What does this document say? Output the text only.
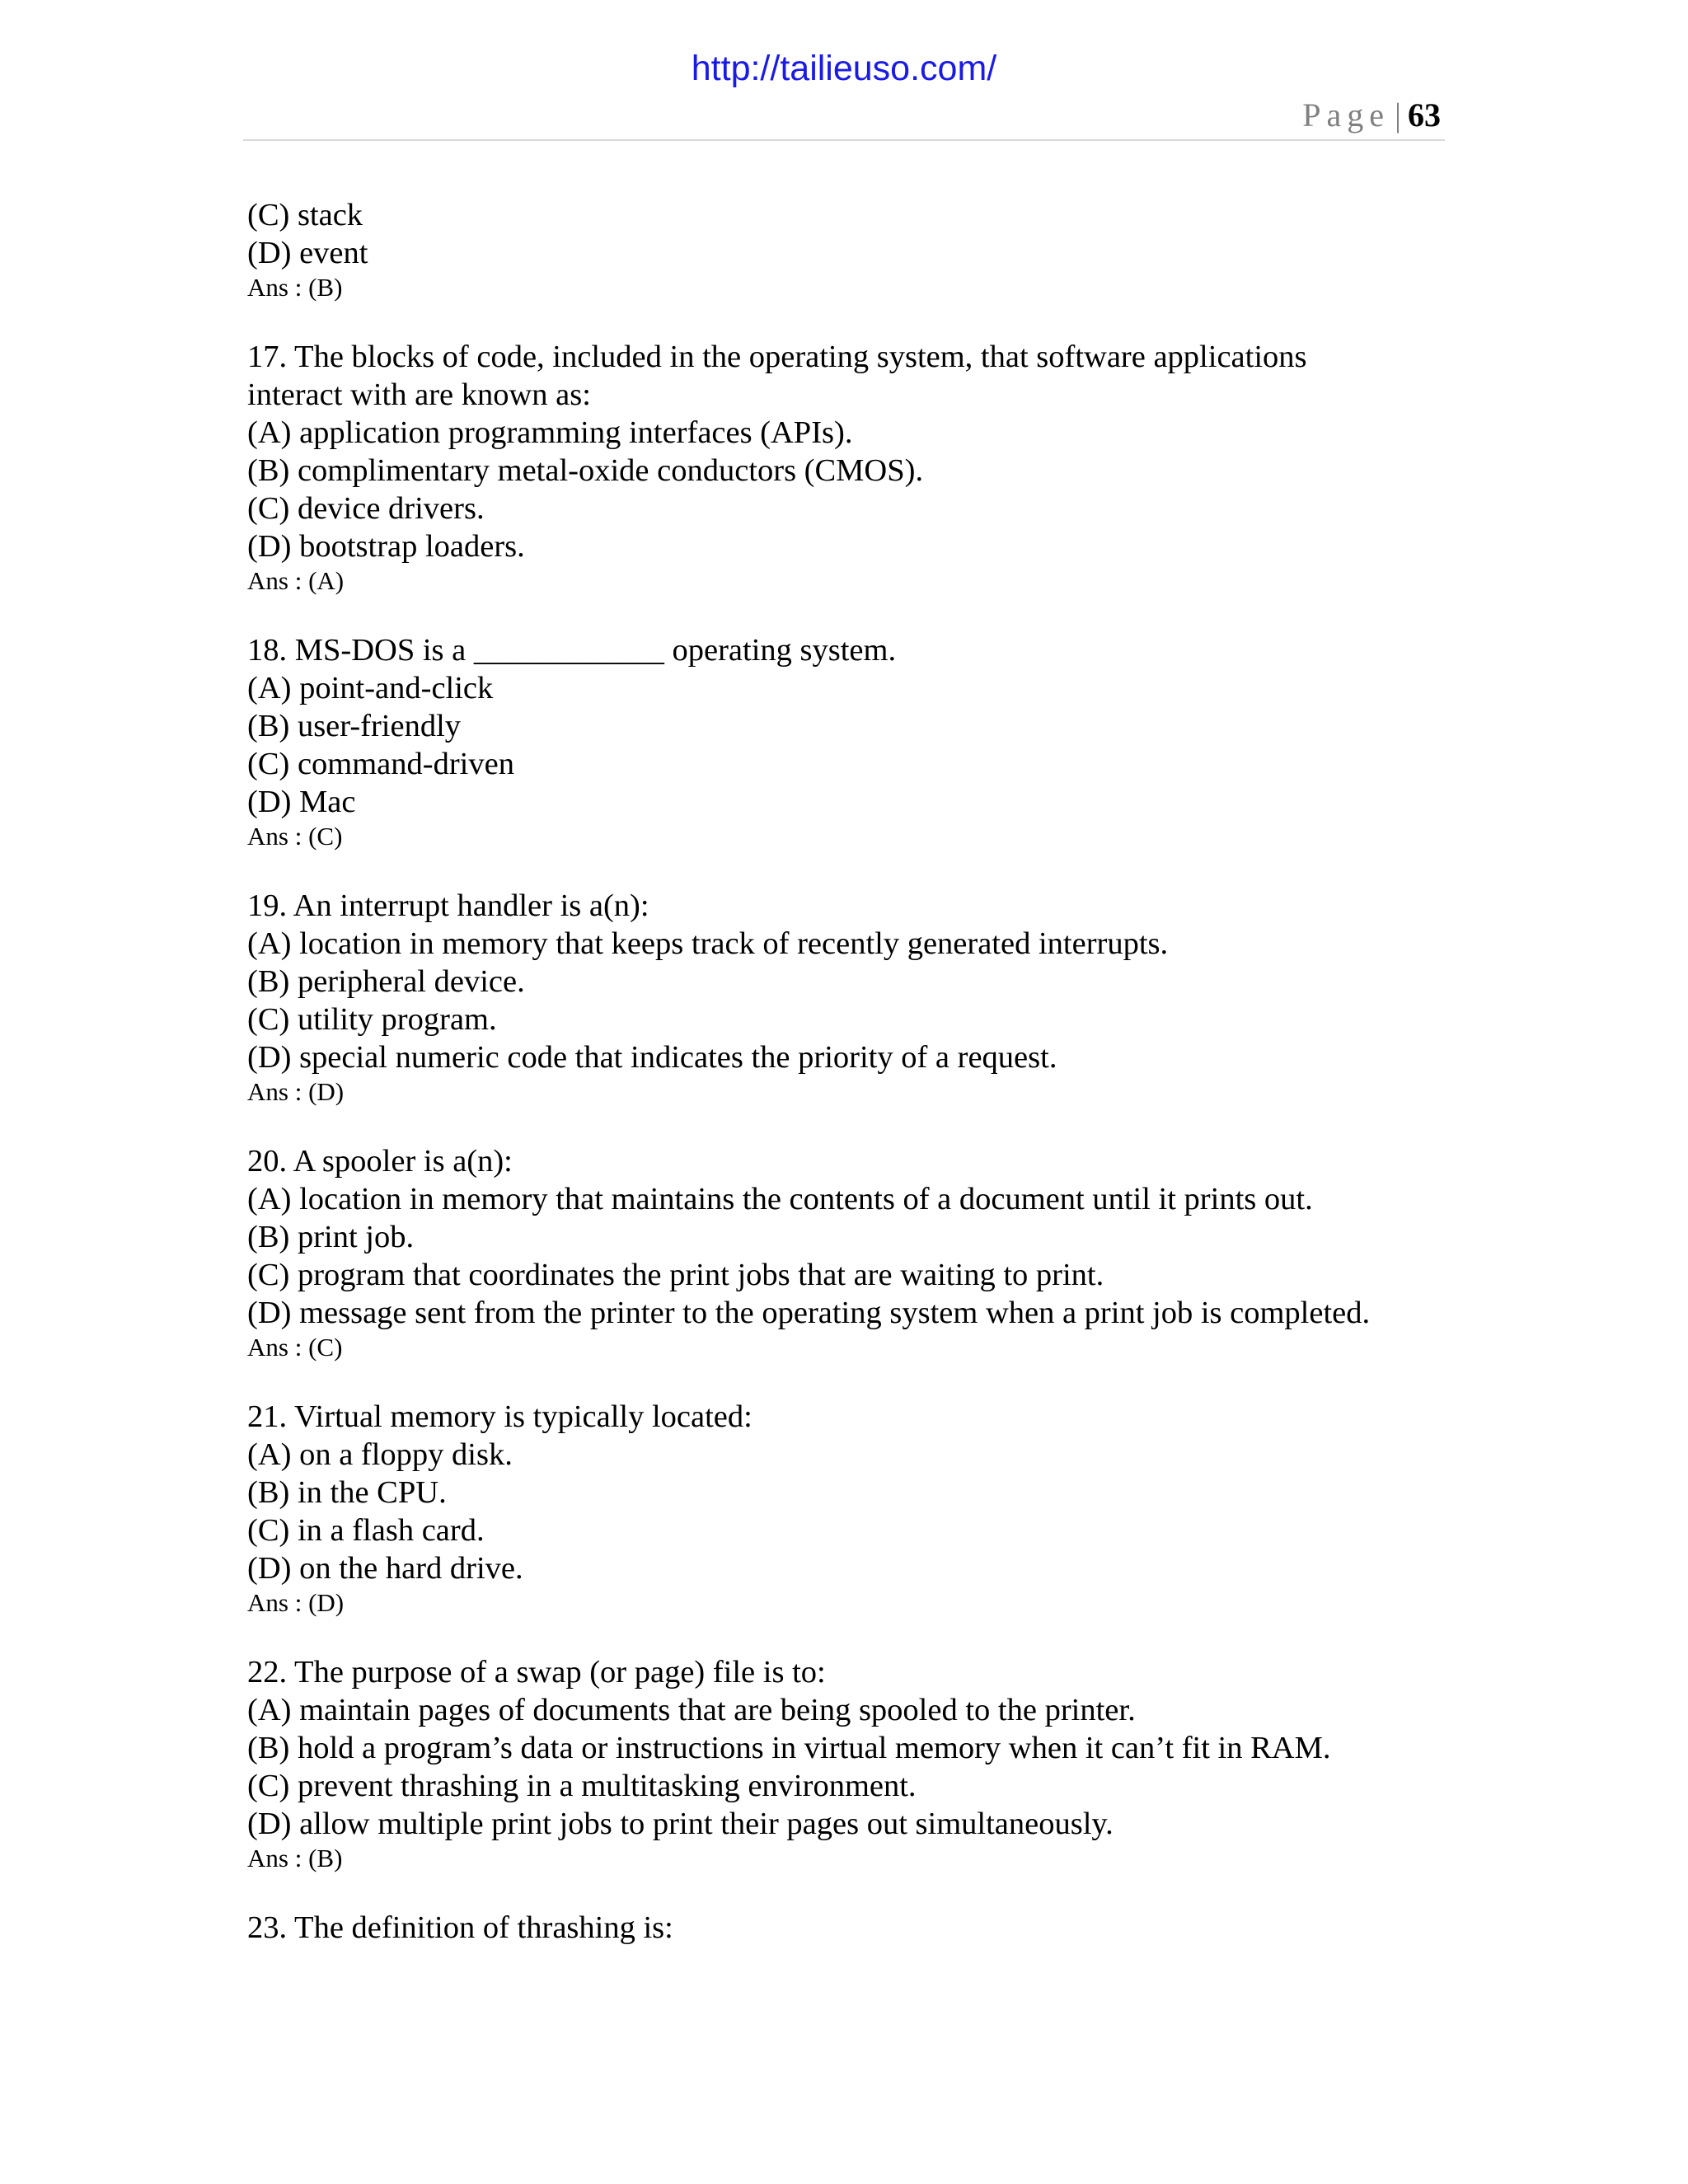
http://tailieuso.com/
Page | 63
(C) stack
(D) event
Ans : (B)
17. The blocks of code, included in the operating system, that software applications interact with are known as:
(A) application programming interfaces (APIs).
(B) complimentary metal-oxide conductors (CMOS).
(C) device drivers.
(D) bootstrap loaders.
Ans : (A)
18. MS-DOS is a ____________ operating system.
(A) point-and-click
(B) user-friendly
(C) command-driven
(D) Mac
Ans : (C)
19. An interrupt handler is a(n):
(A) location in memory that keeps track of recently generated interrupts.
(B) peripheral device.
(C) utility program.
(D) special numeric code that indicates the priority of a request.
Ans : (D)
20. A spooler is a(n):
(A) location in memory that maintains the contents of a document until it prints out.
(B) print job.
(C) program that coordinates the print jobs that are waiting to print.
(D) message sent from the printer to the operating system when a print job is completed.
Ans : (C)
21. Virtual memory is typically located:
(A) on a floppy disk.
(B) in the CPU.
(C) in a flash card.
(D) on the hard drive.
Ans : (D)
22. The purpose of a swap (or page) file is to:
(A) maintain pages of documents that are being spooled to the printer.
(B) hold a program’s data or instructions in virtual memory when it can’t fit in RAM.
(C) prevent thrashing in a multitasking environment.
(D) allow multiple print jobs to print their pages out simultaneously.
Ans : (B)
23. The definition of thrashing is:
